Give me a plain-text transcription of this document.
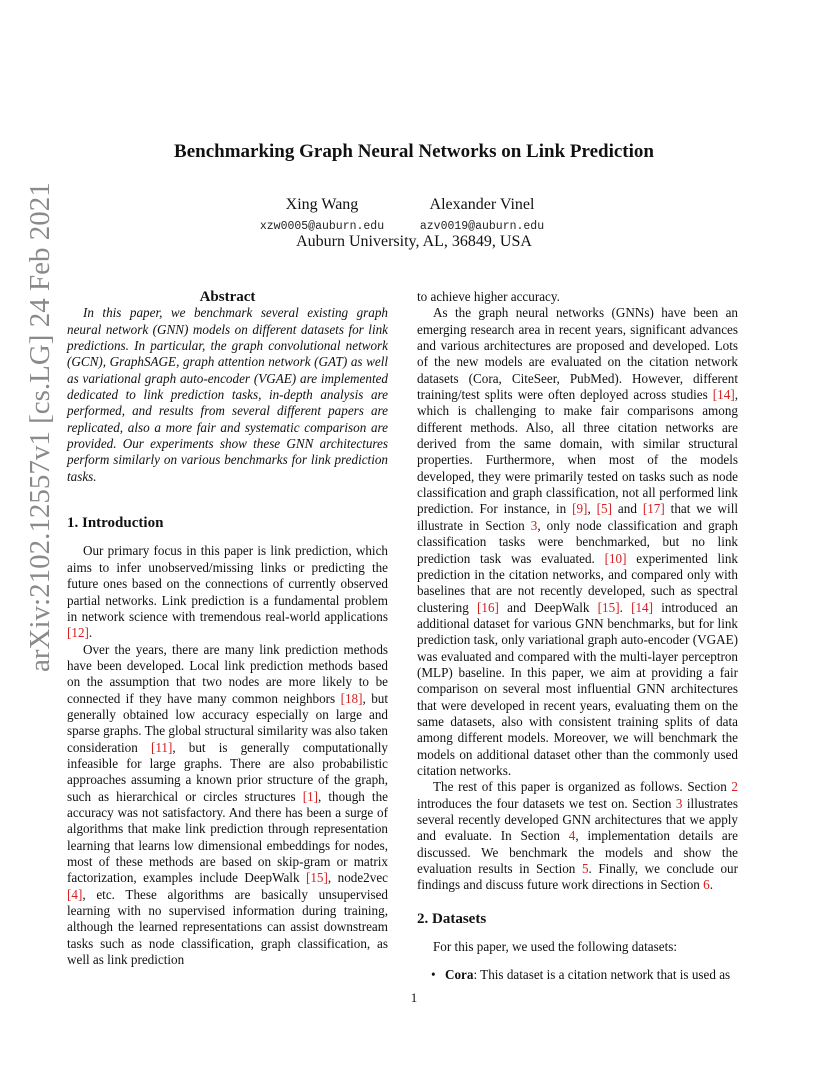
arXiv:2102.12557v1 [cs.LG] 24 Feb 2021
Benchmarking Graph Neural Networks on Link Prediction
Xing Wang
xzw0005@auburn.edu
Alexander Vinel
azv0019@auburn.edu
Auburn University, AL, 36849, USA

Abstract

In this paper, we benchmark several existing graph neural network (GNN) models on different datasets for link predictions. In particular, the graph convolutional network (GCN), GraphSAGE, graph attention network (GAT) as well as variational graph auto-encoder (VGAE) are implemented dedicated to link prediction tasks, in-depth analysis are performed, and results from several different papers are replicated, also a more fair and systematic comparison are provided. Our experiments show these GNN architectures perform similarly on various benchmarks for link prediction tasks.

1. Introduction

Our primary focus in this paper is link prediction, which aims to infer unobserved/missing links or predicting the future ones based on the connections of currently observed partial networks. Link prediction is a fundamental problem in network science with tremendous real-world applications [12].

Over the years, there are many link prediction methods have been developed. Local link prediction methods based on the assumption that two nodes are more likely to be connected if they have many common neighbors [18], but generally obtained low accuracy especially on large and sparse graphs. The global structural similarity was also taken consideration [11], but is generally computationally infeasible for large graphs. There are also probabilistic approaches assuming a known prior structure of the graph, such as hierarchical or circles structures [1], though the accuracy was not satisfactory. And there has been a surge of algorithms that make link prediction through representation learning that learns low dimensional embeddings for nodes, most of these methods are based on skip-gram or matrix factorization, examples include DeepWalk [15], node2vec [4], etc. These algorithms are basically unsupervised learning with no supervised information during training, although the learned representations can assist downstream tasks such as node classification, graph classification, as well as link prediction

to achieve higher accuracy.

As the graph neural networks (GNNs) have been an emerging research area in recent years, significant advances and various architectures are proposed and developed. Lots of the new models are evaluated on the citation network datasets (Cora, CiteSeer, PubMed). However, different training/test splits were often deployed across studies [14], which is challenging to make fair comparisons among different methods. Also, all three citation networks are derived from the same domain, with similar structural properties. Furthermore, when most of the models developed, they were primarily tested on tasks such as node classification and graph classification, not all performed link prediction. For instance, in [9], [5] and [17] that we will illustrate in Section 3, only node classification and graph classification tasks were benchmarked, but no link prediction task was evaluated. [10] experimented link prediction in the citation networks, and compared only with baselines that are not recently developed, such as spectral clustering [16] and DeepWalk [15]. [14] introduced an additional dataset for various GNN benchmarks, but for link prediction task, only variational graph auto-encoder (VGAE) was evaluated and compared with the multi-layer perceptron (MLP) baseline. In this paper, we aim at providing a fair comparison on several most influential GNN architectures that were developed in recent years, evaluating them on the same datasets, also with consistent training splits of data among different models. Moreover, we will benchmark the models on additional dataset other than the commonly used citation networks.

The rest of this paper is organized as follows. Section 2 introduces the four datasets we test on. Section 3 illustrates several recently developed GNN architectures that we apply and evaluate. In Section 4, implementation details are discussed. We benchmark the models and show the evaluation results in Section 5. Finally, we conclude our findings and discuss future work directions in Section 6.

2. Datasets

For this paper, we used the following datasets:

• Cora: This dataset is a citation network that is used as
1
